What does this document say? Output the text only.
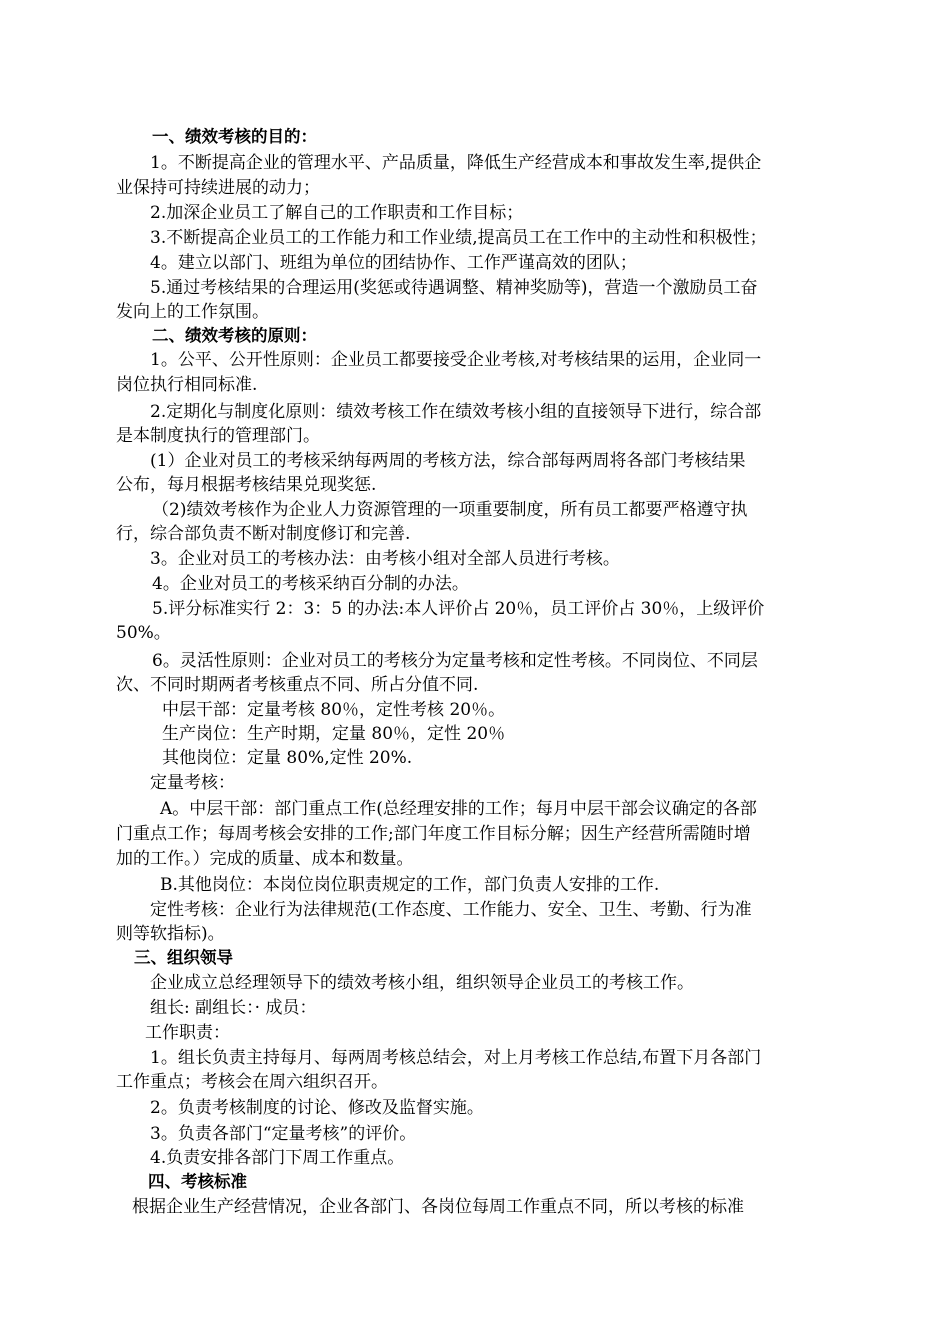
一、绩效考核的目的：
1。不断提高企业的管理水平、产品质量，降低生产经营成本和事故发生率,提供企
业保持可持续进展的动力；
2.加深企业员工了解自己的工作职责和工作目标；
3.不断提高企业员工的工作能力和工作业绩,提高员工在工作中的主动性和积极性；
4。建立以部门、班组为单位的团结协作、工作严谨高效的团队；
5.通过考核结果的合理运用(奖惩或待遇调整、精神奖励等)，营造一个激励员工奋
发向上的工作氛围。
二、绩效考核的原则：
1。公平、公开性原则：企业员工都要接受企业考核,对考核结果的运用，企业同一
岗位执行相同标准.
2.定期化与制度化原则：绩效考核工作在绩效考核小组的直接领导下进行，综合部
是本制度执行的管理部门。
(1）企业对员工的考核采纳每两周的考核方法，综合部每两周将各部门考核结果
公布，每月根据考核结果兑现奖惩.
（2)绩效考核作为企业人力资源管理的一项重要制度，所有员工都要严格遵守执
行，综合部负责不断对制度修订和完善.
3。企业对员工的考核办法：由考核小组对全部人员进行考核。
4。企业对员工的考核采纳百分制的办法。
5.评分标准实行 2：3：5 的办法:本人评价占 20％，员工评价占 30％，上级评价
50%。
6。灵活性原则：企业对员工的考核分为定量考核和定性考核。不同岗位、不同层
次、不同时期两者考核重点不同、所占分值不同.
中层干部：定量考核 80％，定性考核 20％。
生产岗位：生产时期，定量 80％，定性 20％
其他岗位：定量 80%,定性 20%.
定量考核：
A。中层干部：部门重点工作(总经理安排的工作；每月中层干部会议确定的各部
门重点工作；每周考核会安排的工作;部门年度工作目标分解；因生产经营所需随时增
加的工作。）完成的质量、成本和数量。
B.其他岗位：本岗位岗位职责规定的工作，部门负责人安排的工作.
定性考核：企业行为法律规范(工作态度、工作能力、安全、卫生、考勤、行为准
则等软指标)。
三、组织领导
企业成立总经理领导下的绩效考核小组，组织领导企业员工的考核工作。
组长: 副组长：· 成员：
工作职责：
1。组长负责主持每月、每两周考核总结会，对上月考核工作总结,布置下月各部门
工作重点；考核会在周六组织召开。
2。负责考核制度的讨论、修改及监督实施。
3。负责各部门“定量考核”的评价。
4.负责安排各部门下周工作重点。
四、考核标准
根据企业生产经营情况，企业各部门、各岗位每周工作重点不同，所以考核的标准
